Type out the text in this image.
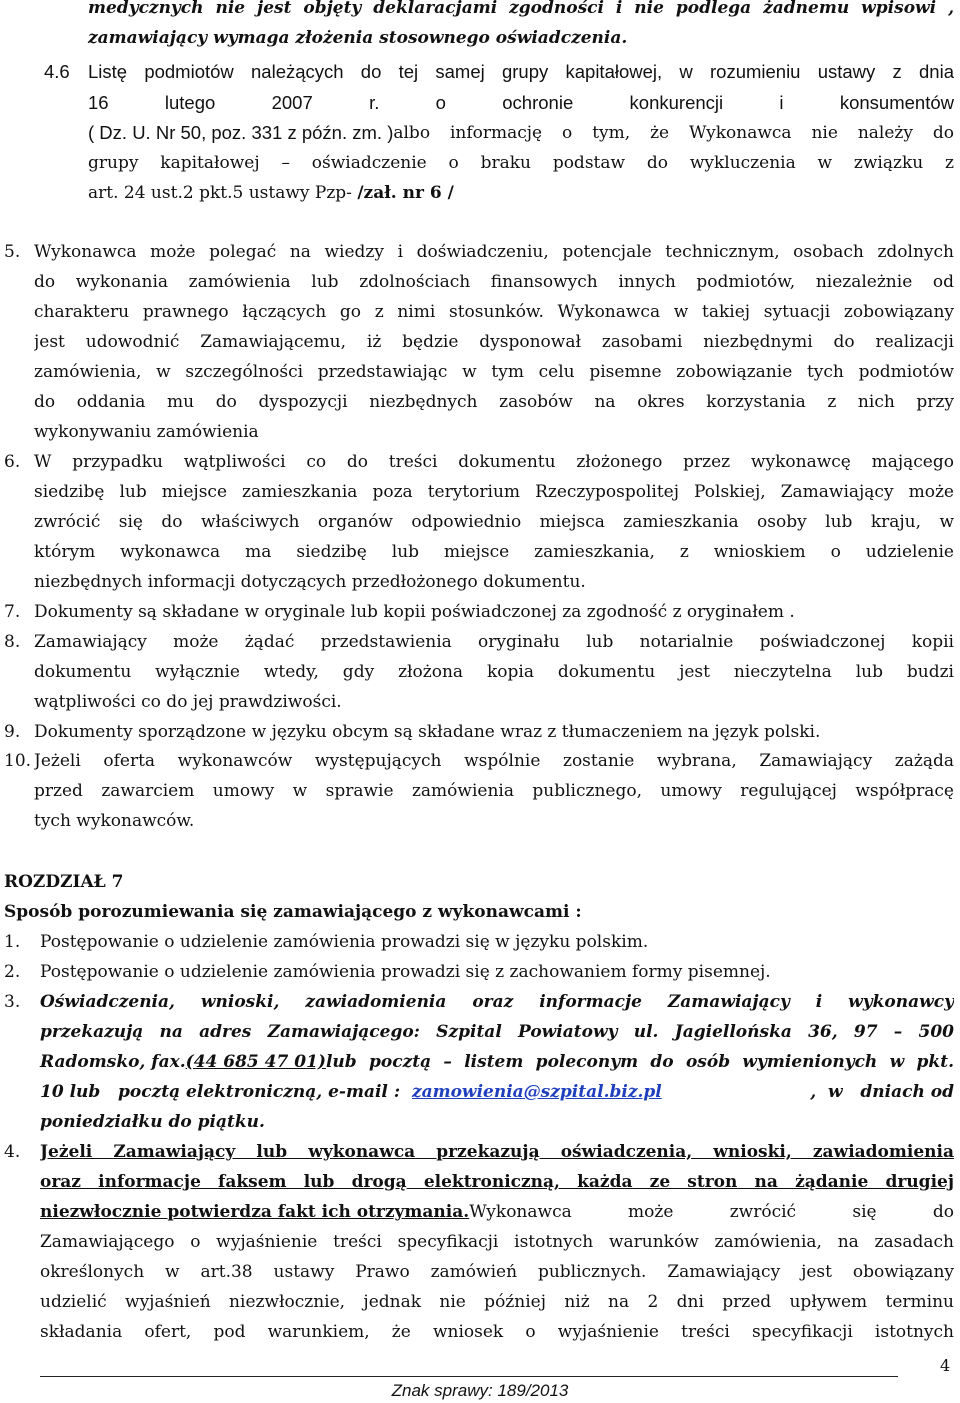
medycznych nie jest objęty deklaracjami zgodności i nie podlega żadnemu wpisowi ,
zamawiający wymaga złożenia stosownego oświadczenia.
4.6 Listę podmiotów należących do tej samej grupy kapitałowej, w rozumieniu ustawy z dnia
16 lutego 2007 r. o ochronie konkurencji i konsumentów
( Dz. U. Nr 50, poz. 331 z późn. zm. ) albo informację o tym, że Wykonawca nie należy do
grupy kapitałowej – oświadczenie o braku podstaw do wykluczenia w związku z
art. 24 ust.2 pkt.5 ustawy Pzp- /zał. nr 6 /
5. Wykonawca może polegać na wiedzy i doświadczeniu, potencjale technicznym, osobach zdolnych
do wykonania zamówienia lub zdolnościach finansowych innych podmiotów, niezależnie od
charakteru prawnego łączących go z nimi stosunków. Wykonawca w takiej sytuacji zobowiązany
jest udowodnić Zamawiającemu, iż będzie dysponował zasobami niezbędnymi do realizacji
zamówienia, w szczególności przedstawiając w tym celu pisemne zobowiązanie tych podmiotów
do oddania mu do dyspozycji niezbędnych zasobów na okres korzystania z nich przy
wykonywaniu zamówienia
6. W przypadku wątpliwości co do treści dokumentu złożonego przez wykonawcę mającego
siedzibę lub miejsce zamieszkania poza terytorium Rzeczypospolitej Polskiej, Zamawiający może
zwrócić się do właściwych organów odpowiednio miejsca zamieszkania osoby lub kraju, w
którym wykonawca ma siedzibę lub miejsce zamieszkania, z wnioskiem o udzielenie
niezbędnych informacji dotyczących przedłożonego dokumentu.
7. Dokumenty są składane w oryginale lub kopii poświadczonej za zgodność z oryginałem .
8. Zamawiający może żądać przedstawienia oryginału lub notarialnie poświadczonej kopii
dokumentu wyłącznie wtedy, gdy złożona kopia dokumentu jest nieczytelna lub budzi
wątpliwości co do jej prawdziwości.
9. Dokumenty sporządzone w języku obcym są składane wraz z tłumaczeniem na język polski.
10. Jeżeli oferta wykonawców występujących wspólnie zostanie wybrana, Zamawiający zażąda
przed zawarciem umowy w sprawie zamówienia publicznego, umowy regulującej współpracę
tych wykonawców.
ROZDZIAŁ 7
Sposób porozumiewania się zamawiającego z wykonawcami :
1. Postępowanie o udzielenie zamówienia prowadzi się w języku polskim.
2. Postępowanie o udzielenie zamówienia prowadzi się z zachowaniem formy pisemnej.
3. Oświadczenia, wnioski, zawiadomienia oraz informacje Zamawiający i wykonawcy
przekazują na adres Zamawiającego: Szpital Powiatowy ul. Jagiellońska 36, 97 – 500
Radomsko, fax. (44 685 47 01) lub pocztą – listem poleconym do osób wymienionych w pkt.
10 lub   pocztą elektroniczną, e-mail : zamowienia@szpital.biz.pl	,  w   dniach od
poniedziałku do piątku.
4. Jeżeli Zamawiający lub wykonawca przekazują oświadczenia, wnioski, zawiadomienia
oraz informacje faksem lub drogą elektroniczną, każda ze stron na żądanie drugiej
niezwłocznie potwierdza fakt ich otrzymania. Wykonawca może zwrócić się do
Zamawiającego o wyjaśnienie treści specyfikacji istotnych warunków zamówienia, na zasadach
określonych w art.38 ustawy Prawo zamówień publicznych. Zamawiający jest obowiązany
udzielić wyjaśnień niezwłocznie, jednak nie później niż na 2 dni przed upływem terminu
składania ofert, pod warunkiem, że wniosek o wyjaśnienie treści specyfikacji istotnych
4
Znak sprawy: 189/2013
